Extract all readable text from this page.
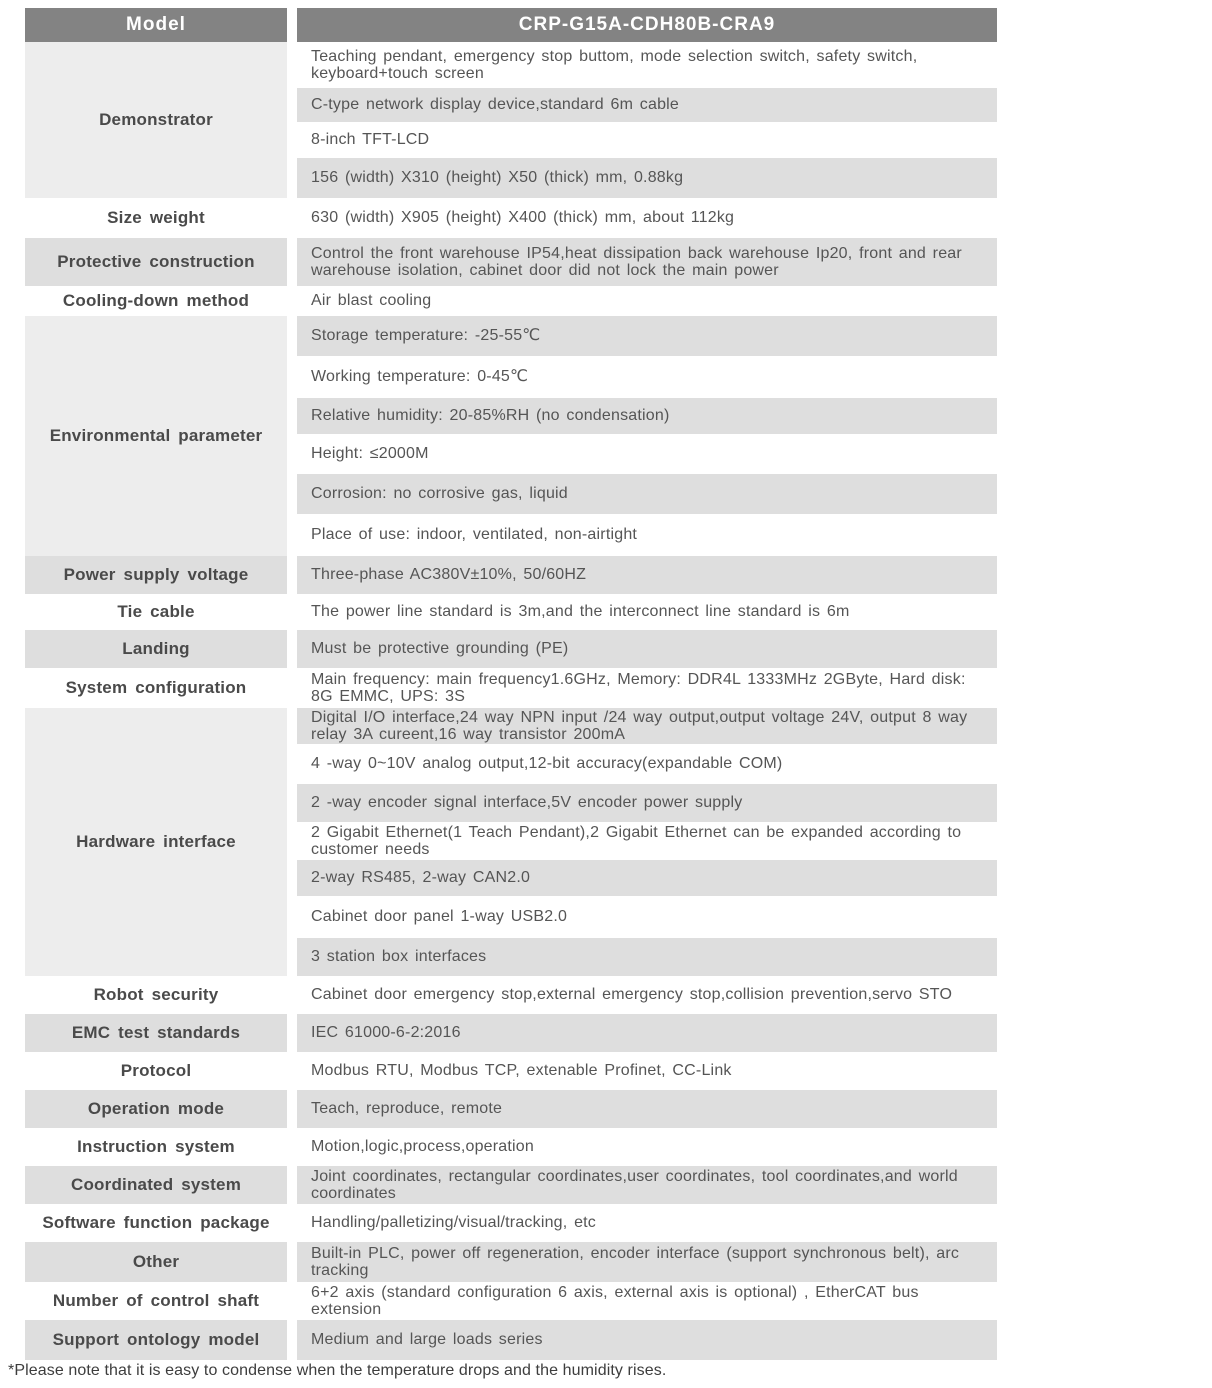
Model	CRP-G15A-CDH80B-CRA9
Demonstrator
Teaching pendant, emergency stop buttom, mode selection switch, safety switch, keyboard+touch screen
C-type network display device,standard 6m cable
8-inch TFT-LCD
156 (width) X310 (height) X50 (thick) mm, 0.88kg
Size weight	630 (width) X905 (height) X400 (thick) mm, about 112kg
Protective construction	Control the front warehouse IP54,heat dissipation back warehouse Ip20, front and rear warehouse isolation, cabinet door did not lock the main power
Cooling-down method	Air blast cooling
Environmental parameter
Storage temperature: -25-55℃
Working temperature: 0-45℃
Relative humidity: 20-85%RH (no condensation)
Height: ≤2000M
Corrosion: no corrosive gas, liquid
Place of use: indoor, ventilated, non-airtight
Power supply voltage	Three-phase AC380V±10%, 50/60HZ
Tie cable	The power line standard is 3m,and the interconnect line standard is 6m
Landing	Must be protective grounding (PE)
System configuration	Main frequency: main frequency1.6GHz, Memory: DDR4L 1333MHz 2GByte, Hard disk: 8G EMMC, UPS: 3S
Hardware interface
Digital I/O interface,24 way NPN input /24 way output,output voltage 24V, output 8 way relay 3A cureent,16 way transistor 200mA
4 -way 0~10V analog output,12-bit accuracy(expandable COM)
2 -way encoder signal interface,5V encoder power supply
2 Gigabit Ethernet(1 Teach Pendant),2 Gigabit Ethernet can be expanded according to customer needs
2-way RS485, 2-way CAN2.0
Cabinet door panel 1-way USB2.0
3 station box interfaces
Robot security	Cabinet door emergency stop,external emergency stop,collision prevention,servo STO
EMC test standards	IEC 61000-6-2:2016
Protocol	Modbus RTU, Modbus TCP, extenable Profinet, CC-Link
Operation mode	Teach, reproduce, remote
Instruction system	Motion,logic,process,operation
Coordinated system	Joint coordinates, rectangular coordinates,user coordinates, tool coordinates,and world coordinates
Software function package	Handling/palletizing/visual/tracking, etc
Other	Built-in PLC, power off regeneration, encoder interface (support synchronous belt), arc tracking
Number of control shaft	6+2 axis (standard configuration 6 axis, external axis is optional) , EtherCAT bus extension
Support ontology model	Medium and large loads series
*Please note that it is easy to condense when the temperature drops and the humidity rises.
